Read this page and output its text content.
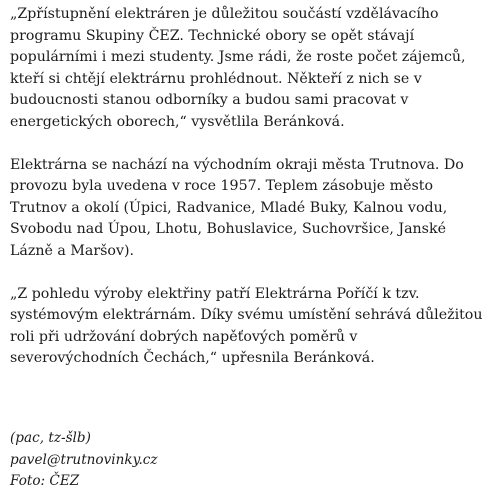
„Zpřístupnění elektráren je důležitou součástí vzdělávacího programu Skupiny ČEZ. Technické obory se opět stávají populárními i mezi studenty. Jsme rádi, že roste počet zájemců, kteří si chtějí elektrárnu prohlédnout. Někteří z nich se v budoucnosti stanou odborníky a budou sami pracovat v energetických oborech,“ vysvětlila Beránková.

Elektrárna se nachází na východním okraji města Trutnova. Do provozu byla uvedena v roce 1957. Teplem zásobuje město Trutnov a okolí (Úpici, Radvanice, Mladé Buky, Kalnou vodu, Svobodu nad Úpou, Lhotu, Bohuslavice, Suchovršice, Janské Lázně a Maršov).

„Z pohledu výroby elektřiny patří Elektrárna Poříčí k tzv. systémovým elektrárnám. Díky svému umístění sehrává důležitou roli při udržování dobrých napěťových poměrů v severovýchodních Čechách,“ upřesnila Beránková.

(pac, tz-šlb)
pavel@trutnovinky.cz
Foto: ČEZ
